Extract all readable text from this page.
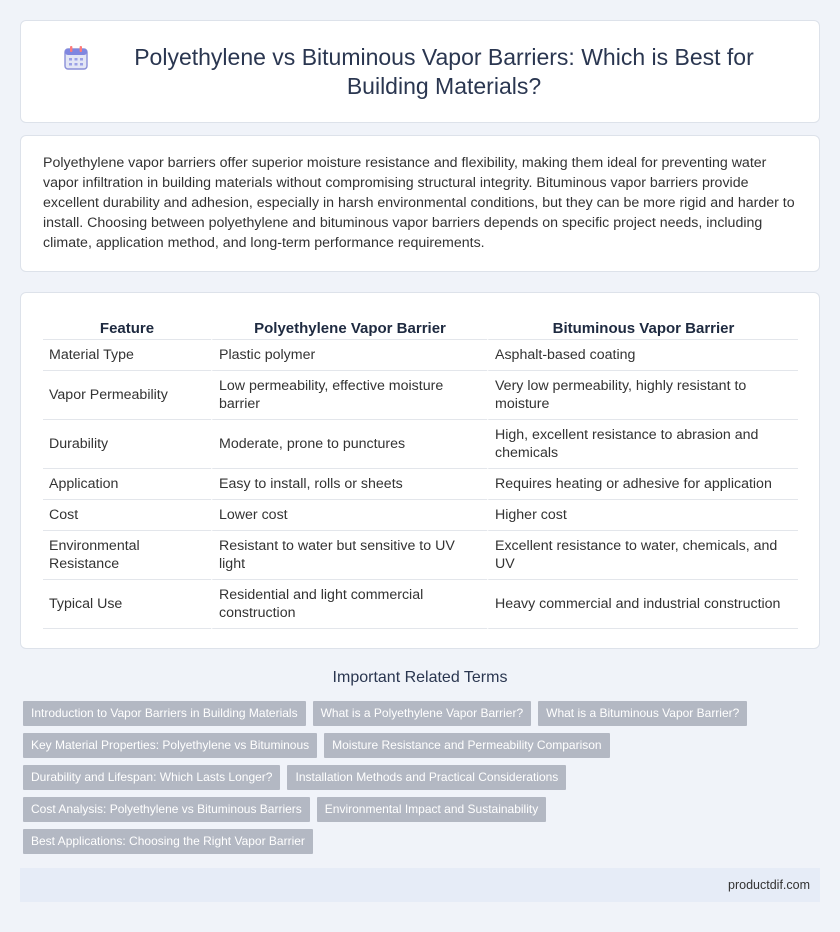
Polyethylene vs Bituminous Vapor Barriers: Which is Best for Building Materials?

Polyethylene vapor barriers offer superior moisture resistance and flexibility, making them ideal for preventing water vapor infiltration in building materials without compromising structural integrity. Bituminous vapor barriers provide excellent durability and adhesion, especially in harsh environmental conditions, but they can be more rigid and harder to install. Choosing between polyethylene and bituminous vapor barriers depends on specific project needs, including climate, application method, and long-term performance requirements.

Feature	Polyethylene Vapor Barrier	Bituminous Vapor Barrier
Material Type	Plastic polymer	Asphalt-based coating
Vapor Permeability	Low permeability, effective moisture barrier	Very low permeability, highly resistant to moisture
Durability	Moderate, prone to punctures	High, excellent resistance to abrasion and chemicals
Application	Easy to install, rolls or sheets	Requires heating or adhesive for application
Cost	Lower cost	Higher cost
Environmental Resistance	Resistant to water but sensitive to UV light	Excellent resistance to water, chemicals, and UV
Typical Use	Residential and light commercial construction	Heavy commercial and industrial construction
Important Related Terms
Introduction to Vapor Barriers in Building Materials	What is a Polyethylene Vapor Barrier?	What is a Bituminous Vapor Barrier?
Key Material Properties: Polyethylene vs Bituminous	Moisture Resistance and Permeability Comparison
Durability and Lifespan: Which Lasts Longer?	Installation Methods and Practical Considerations
Cost Analysis: Polyethylene vs Bituminous Barriers	Environmental Impact and Sustainability
Best Applications: Choosing the Right Vapor Barrier
productdif.com
